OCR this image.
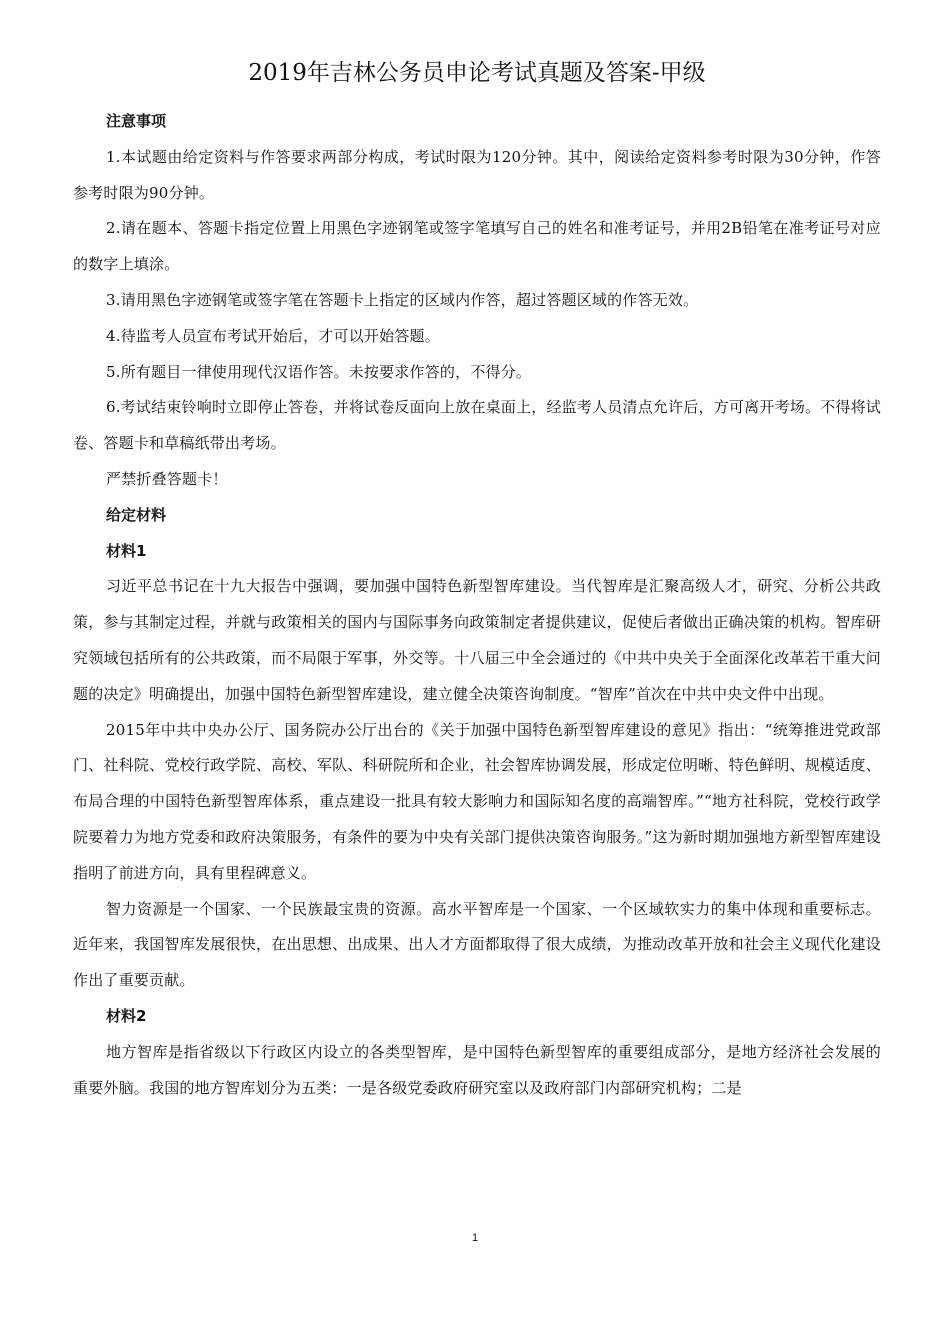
2019年吉林公务员申论考试真题及答案-甲级

注意事项

1.本试题由给定资料与作答要求两部分构成，考试时限为120分钟。其中，阅读给定资料参考时限为30分钟，作答参考时限为90分钟。

2.请在题本、答题卡指定位置上用黑色字迹钢笔或签字笔填写自己的姓名和准考证号，并用2B铅笔在准考证号对应的数字上填涂。

3.请用黑色字迹钢笔或签字笔在答题卡上指定的区域内作答，超过答题区域的作答无效。

4.待监考人员宣布考试开始后，才可以开始答题。

5.所有题目一律使用现代汉语作答。未按要求作答的，不得分。

6.考试结束铃响时立即停止答卷，并将试卷反面向上放在桌面上，经监考人员清点允许后，方可离开考场。不得将试卷、答题卡和草稿纸带出考场。

严禁折叠答题卡！

给定材料

材料1

习近平总书记在十九大报告中强调，要加强中国特色新型智库建设。当代智库是汇聚高级人才，研究、分析公共政策，参与其制定过程，并就与政策相关的国内与国际事务向政策制定者提供建议，促使后者做出正确决策的机构。智库研究领域包括所有的公共政策，而不局限于军事，外交等。十八届三中全会通过的《中共中央关于全面深化改革若干重大问题的决定》明确提出，加强中国特色新型智库建设，建立健全决策咨询制度。“智库”首次在中共中央文件中出现。

2015年中共中央办公厅、国务院办公厅出台的《关于加强中国特色新型智库建设的意见》指出：“统筹推进党政部门、社科院、党校行政学院、高校、军队、科研院所和企业，社会智库协调发展，形成定位明晰、特色鲜明、规模适度、布局合理的中国特色新型智库体系，重点建设一批具有较大影响力和国际知名度的高端智库。”“地方社科院，党校行政学院要着力为地方党委和政府决策服务，有条件的要为中央有关部门提供决策咨询服务。”这为新时期加强地方新型智库建设指明了前进方向，具有里程碑意义。

智力资源是一个国家、一个民族最宝贵的资源。高水平智库是一个国家、一个区域软实力的集中体现和重要标志。近年来，我国智库发展很快，在出思想、出成果、出人才方面都取得了很大成绩，为推动改革开放和社会主义现代化建设作出了重要贡献。

材料2

地方智库是指省级以下行政区内设立的各类型智库，是中国特色新型智库的重要组成部分，是地方经济社会发展的重要外脑。我国的地方智库划分为五类：一是各级党委政府研究室以及政府部门内部研究机构；二是

1
